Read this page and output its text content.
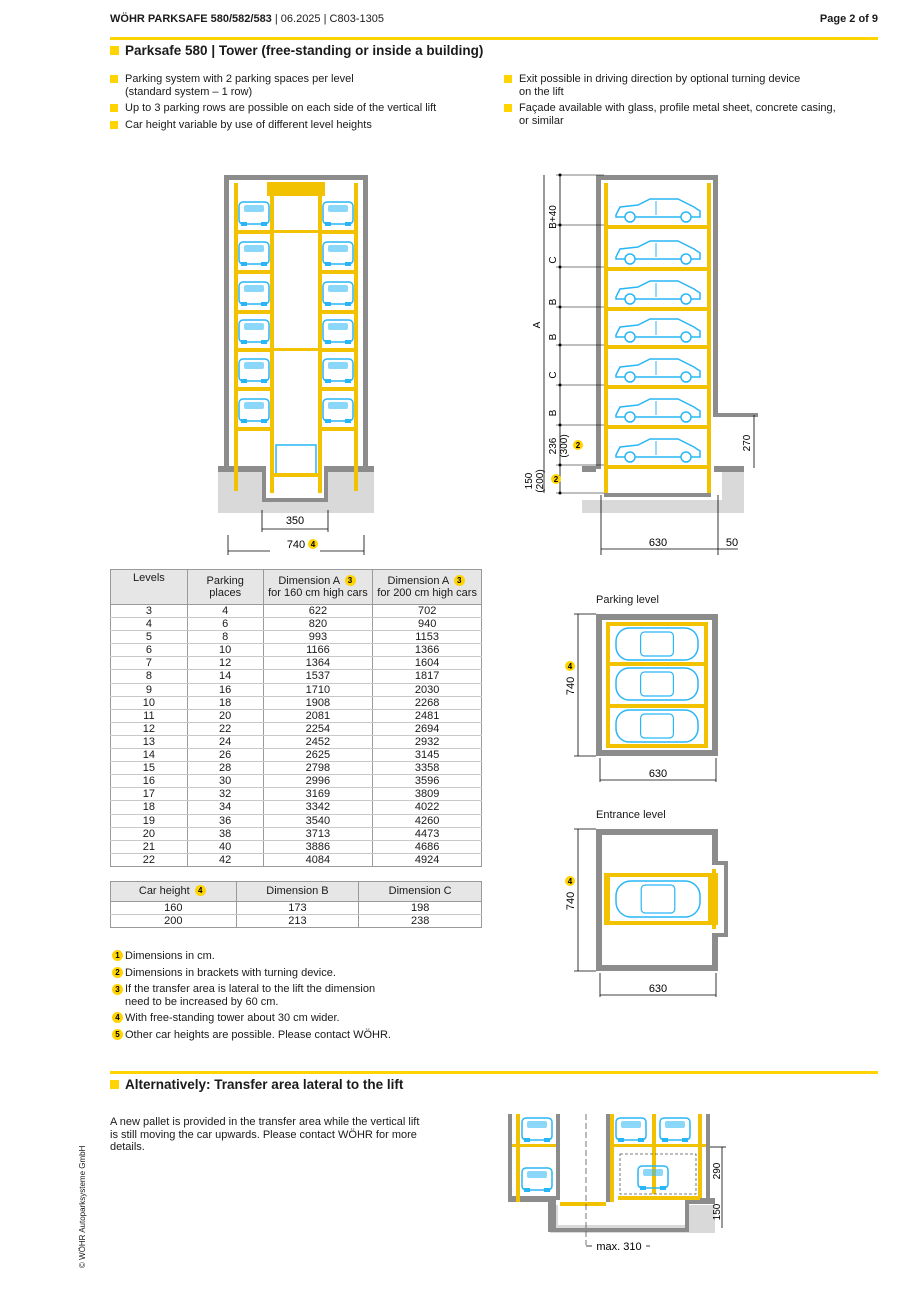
WÖHR PARKSAFE 580/582/583 | 06.2025 | C803-1305	Page 2 of 9
Parksafe 580 | Tower (free-standing or inside a building)
Parking system with 2 parking spaces per level
(standard system – 1 row)
Up to 3 parking rows are possible on each side of the vertical lift
Car height variable by use of different level heights
Exit possible in driving direction by optional turning device
on the lift
Façade available with glass, profile metal sheet, concrete casing,
or similar
350
740 4
B+40
C
B
A
B
C
B
236 (300) 2
150 (200) 2
270
630	50
Levels	Parking places	Dimension A 3
for 160 cm high cars	Dimension A 3
for 200 cm high cars
3	4	622	702
4	6	820	940
5	8	993	1153
6	10	1166	1366
7	12	1364	1604
8	14	1537	1817
9	16	1710	2030
10	18	1908	2268
11	20	2081	2481
12	22	2254	2694
13	24	2452	2932
14	26	2625	3145
15	28	2798	3358
16	30	2996	3596
17	32	3169	3809
18	34	3342	4022
19	36	3540	4260
20	38	3713	4473
21	40	3886	4686
22	42	4084	4924
Car height 4	Dimension B	Dimension C
160	173	198
200	213	238
1 Dimensions in cm.
2 Dimensions in brackets with turning device.
3 If the transfer area is lateral to the lift the dimension need to be increased by 60 cm.
4 With free-standing tower about 30 cm wider.
5 Other car heights are possible. Please contact WÖHR.
Parking level
740
4
630
Entrance level
740
4
630
Alternatively: Transfer area lateral to the lift
A new pallet is provided in the transfer area while the vertical lift is still moving the car upwards. Please contact WÖHR for more details.
290
150
max. 310
© WÖHR Autoparksysteme GmbH
